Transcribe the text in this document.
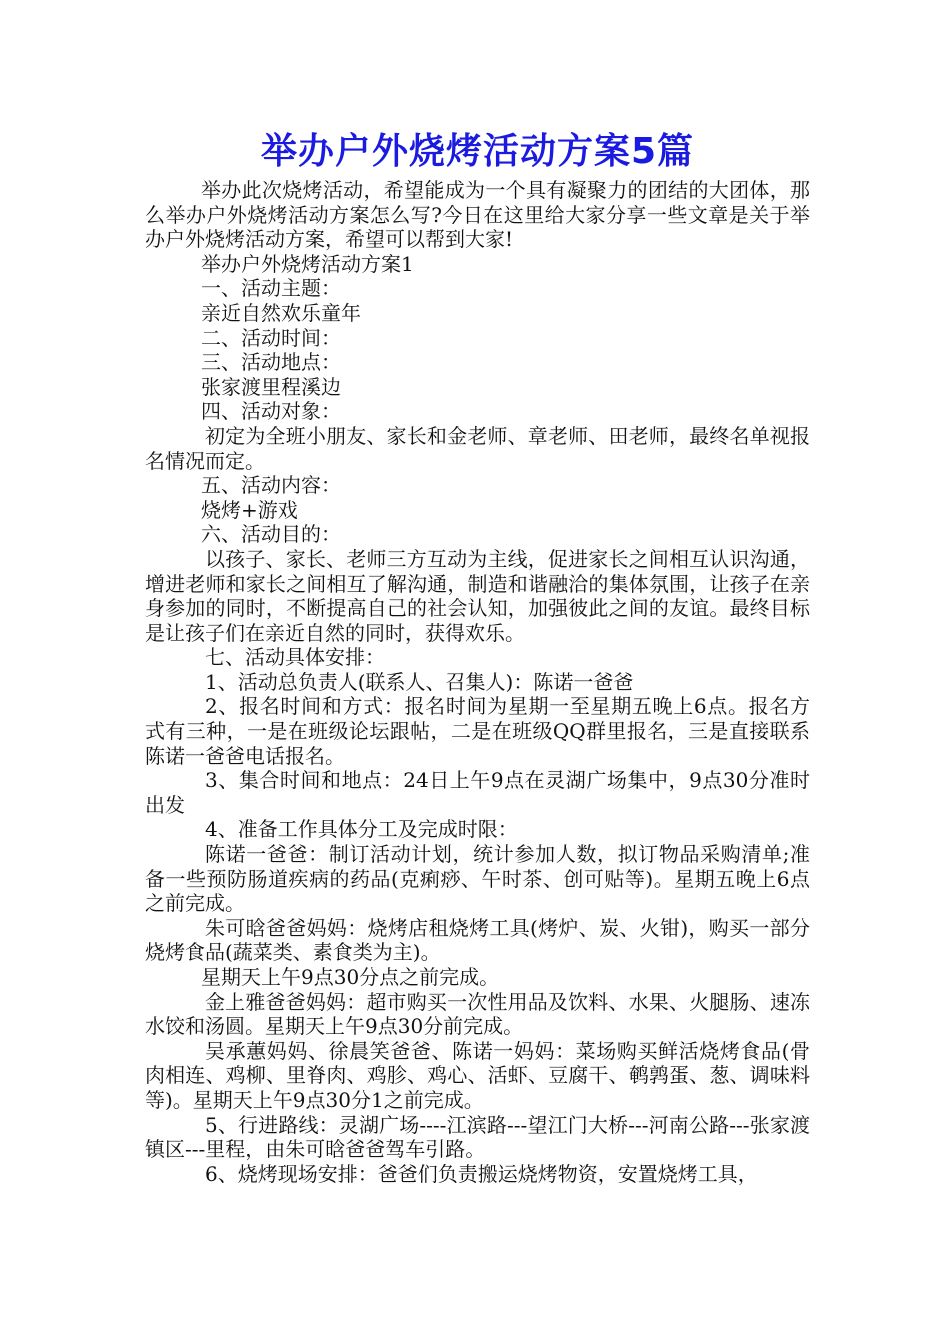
举办户外烧烤活动方案5篇

举办此次烧烤活动，希望能成为一个具有凝聚力的团结的大团体，那么举办户外烧烤活动方案怎么写?今日在这里给大家分享一些文章是关于举办户外烧烤活动方案，希望可以帮到大家!

举办户外烧烤活动方案1

一、活动主题：

亲近自然欢乐童年

二、活动时间：

三、活动地点：

张家渡里程溪边

四、活动对象：

初定为全班小朋友、家长和金老师、章老师、田老师，最终名单视报名情况而定。

五、活动内容：

烧烤+游戏

六、活动目的：

以孩子、家长、老师三方互动为主线，促进家长之间相互认识沟通，增进老师和家长之间相互了解沟通，制造和谐融洽的集体氛围，让孩子在亲身参加的同时，不断提高自己的社会认知，加强彼此之间的友谊。最终目标是让孩子们在亲近自然的同时，获得欢乐。

七、活动具体安排：

1、活动总负责人(联系人、召集人)：陈诺一爸爸

2、报名时间和方式：报名时间为星期一至星期五晚上6点。报名方式有三种，一是在班级论坛跟帖，二是在班级QQ群里报名，三是直接联系陈诺一爸爸电话报名。

3、集合时间和地点：24日上午9点在灵湖广场集中，9点30分准时出发

4、准备工作具体分工及完成时限：

陈诺一爸爸：制订活动计划，统计参加人数，拟订物品采购清单;准备一些预防肠道疾病的药品(克痢痧、午时茶、创可贴等)。星期五晚上6点之前完成。

朱可晗爸爸妈妈：烧烤店租烧烤工具(烤炉、炭、火钳)，购买一部分烧烤食品(蔬菜类、素食类为主)。

星期天上午9点30分点之前完成。

金上雅爸爸妈妈：超市购买一次性用品及饮料、水果、火腿肠、速冻水饺和汤圆。星期天上午9点30分前完成。

吴承蕙妈妈、徐晨笑爸爸、陈诺一妈妈：菜场购买鲜活烧烤食品(骨肉相连、鸡柳、里脊肉、鸡胗、鸡心、活虾、豆腐干、鹌鹑蛋、葱、调味料等)。星期天上午9点30分1之前完成。

5、行进路线：灵湖广场----江滨路---望江门大桥---河南公路---张家渡镇区---里程，由朱可晗爸爸驾车引路。

6、烧烤现场安排：爸爸们负责搬运烧烤物资，安置烧烤工具，
